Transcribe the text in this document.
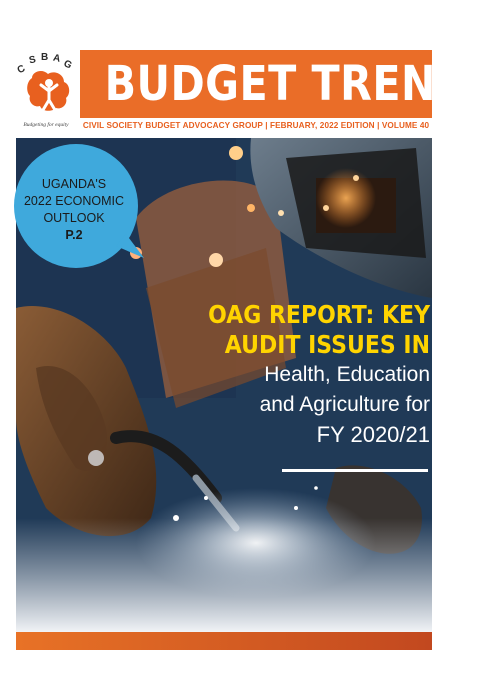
C
S B A G
Budgeting for equity
BUDGET TRENDS
CIVIL SOCIETY BUDGET ADVOCACY GROUP | FEBRUARY, 2022 EDITION | VOLUME 40
UGANDA'S
2022 ECONOMIC
OUTLOOK
P.2
OAG REPORT: KEY
AUDIT ISSUES IN
Health, Education
and Agriculture for
FY 2020/21
